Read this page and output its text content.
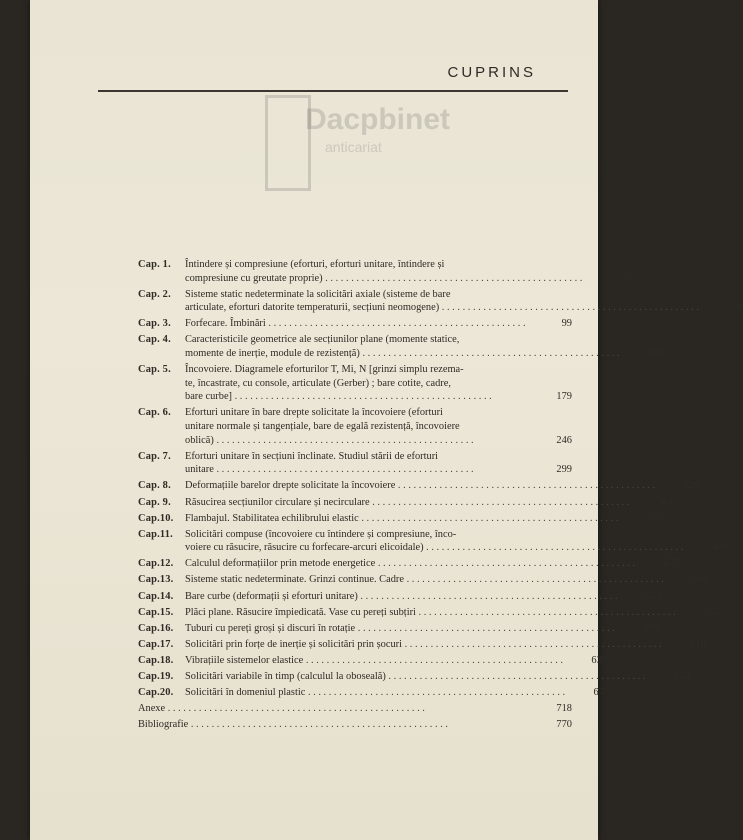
CUPRINS
Dacpbinet
anticariat
Cap. 1.	Întindere și compresiune (eforturi, eforturi unitare, întindere și
compresiune cu greutate proprie) . . .	7
Cap. 2.	Sisteme static nedeterminate la solicitări axiale (sisteme de bare
articulate, eforturi datorite temperaturii, secțiuni neomogene) . . .	70
Cap. 3.	Forfecare. Îmbinări . . .	99
Cap. 4.	Caracteristicile geometrice ale secțiunilor plane (momente statice,
momente de inerție, module de rezistență) . . .	110
Cap. 5.	Încovoiere. Diagramele eforturilor T, Mi, N [grinzi simplu rezema-
te, încastrate, cu console, articulate (Gerber) ; bare cotite, cadre,
bare curbe] . . .	179
Cap. 6.	Eforturi unitare în bare drepte solicitate la încovoiere (eforturi
unitare normale și tangențiale, bare de egală rezistență, încovoiere
oblică) . . .	246
Cap. 7.	Eforturi unitare în secțiuni înclinate. Studiul stării de eforturi
unitare . . .	299
Cap. 8.	Deformațiile barelor drepte solicitate la încovoiere . . .	320
Cap. 9.	Răsucirea secțiunilor circulare și necirculare . . .	361
Cap.10.	Flambajul. Stabilitatea echilibrului elastic . . .	379
Cap.11.	Solicitări compuse (încovoiere cu întindere și compresiune, înco-
voiere cu răsucire, răsucire cu forfecare-arcuri elicoidale) . . .	409
Cap.12.	Calculul deformațiilor prin metode energetice . . .	475
Cap.13.	Sisteme static nedeterminate. Grinzi continue. Cadre . . .	504
Cap.14.	Bare curbe (deformații și eforturi unitare) . . .	552
Cap.15.	Plăci plane. Răsucire împiedicată. Vase cu pereți subțiri . . .	585
Cap.16.	Tuburi cu pereți groși și discuri în rotație . . .	605
Cap.17.	Solicitări prin forțe de inerție și solicitări prin șocuri . . .	616
Cap.18.	Vibrațiile sistemelor elastice . . .	639
Cap.19.	Solicitări variabile în timp (calculul la oboseală) . . .	654
Cap.20.	Solicitări în domeniul plastic . . .	679
Anexe . . .	718
Bibliografie . . .	770
